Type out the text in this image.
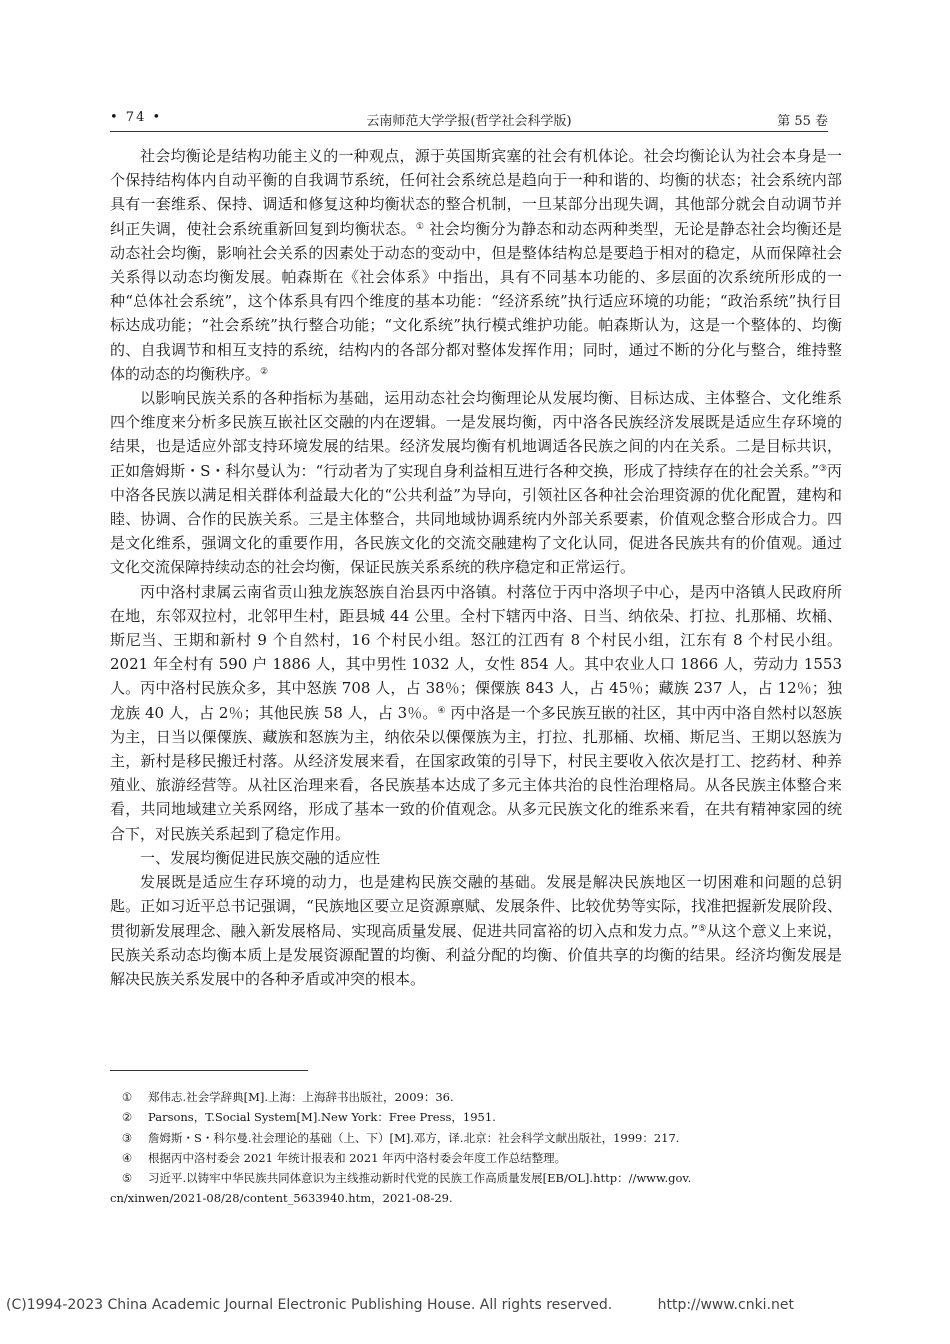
• 74 •	云南师范大学学报(哲学社会科学版)	第 55 卷

社会均衡论是结构功能主义的一种观点，源于英国斯宾塞的社会有机体论。社会均衡论认为社会本身是一个保持结构体内自动平衡的自我调节系统，任何社会系统总是趋向于一种和谐的、均衡的状态；社会系统内部具有一套维系、保持、调适和修复这种均衡状态的整合机制，一旦某部分出现失调，其他部分就会自动调节并纠正失调，使社会系统重新回复到均衡状态。① 社会均衡分为静态和动态两种类型，无论是静态社会均衡还是动态社会均衡，影响社会关系的因素处于动态的变动中，但是整体结构总是要趋于相对的稳定，从而保障社会关系得以动态均衡发展。帕森斯在《社会体系》中指出，具有不同基本功能的、多层面的次系统所形成的一种“总体社会系统”，这个体系具有四个维度的基本功能：“经济系统”执行适应环境的功能；“政治系统”执行目标达成功能；“社会系统”执行整合功能；“文化系统”执行模式维护功能。帕森斯认为，这是一个整体的、均衡的、自我调节和相互支持的系统，结构内的各部分都对整体发挥作用；同时，通过不断的分化与整合，维持整体的动态的均衡秩序。②

以影响民族关系的各种指标为基础，运用动态社会均衡理论从发展均衡、目标达成、主体整合、文化维系四个维度来分析多民族互嵌社区交融的内在逻辑。一是发展均衡，丙中洛各民族经济发展既是适应生存环境的结果，也是适应外部支持环境发展的结果。经济发展均衡有机地调适各民族之间的内在关系。二是目标共识，正如詹姆斯・S・科尔曼认为：“行动者为了实现自身利益相互进行各种交换，形成了持续存在的社会关系。”③丙中洛各民族以满足相关群体利益最大化的“公共利益”为导向，引领社区各种社会治理资源的优化配置，建构和睦、协调、合作的民族关系。三是主体整合，共同地域协调系统内外部关系要素，价值观念整合形成合力。四是文化维系，强调文化的重要作用，各民族文化的交流交融建构了文化认同，促进各民族共有的价值观。通过文化交流保障持续动态的社会均衡，保证民族关系系统的秩序稳定和正常运行。

丙中洛村隶属云南省贡山独龙族怒族自治县丙中洛镇。村落位于丙中洛坝子中心，是丙中洛镇人民政府所在地，东邻双拉村，北邻甲生村，距县城 44 公里。全村下辖丙中洛、日当、纳依朵、打拉、扎那桶、坎桶、斯尼当、王期和新村 9 个自然村，16 个村民小组。怒江的江西有 8 个村民小组，江东有 8 个村民小组。2021 年全村有 590 户 1886 人，其中男性 1032 人，女性 854 人。其中农业人口 1866 人，劳动力 1553 人。丙中洛村民族众多，其中怒族 708 人，占 38％；傈僳族 843 人，占 45％；藏族 237 人，占 12％；独龙族 40 人，占 2％；其他民族 58 人，占 3％。④ 丙中洛是一个多民族互嵌的社区，其中丙中洛自然村以怒族为主，日当以傈僳族、藏族和怒族为主，纳依朵以傈僳族为主，打拉、扎那桶、坎桶、斯尼当、王期以怒族为主，新村是移民搬迁村落。从经济发展来看，在国家政策的引导下，村民主要收入依次是打工、挖药材、种养殖业、旅游经营等。从社区治理来看，各民族基本达成了多元主体共治的良性治理格局。从各民族主体整合来看，共同地域建立关系网络，形成了基本一致的价值观念。从多元民族文化的维系来看，在共有精神家园的统合下，对民族关系起到了稳定作用。

一、发展均衡促进民族交融的适应性

发展既是适应生存环境的动力，也是建构民族交融的基础。发展是解决民族地区一切困难和问题的总钥匙。正如习近平总书记强调，“民族地区要立足资源禀赋、发展条件、比较优势等实际，找准把握新发展阶段、贯彻新发展理念、融入新发展格局、实现高质量发展、促进共同富裕的切入点和发力点。”⑤从这个意义上来说，民族关系动态均衡本质上是发展资源配置的均衡、利益分配的均衡、价值共享的均衡的结果。经济均衡发展是解决民族关系发展中的各种矛盾或冲突的根本。

① 郑伟志.社会学辞典[M].上海：上海辞书出版社，2009：36.

② Parsons，T.Social System[M].New York：Free Press，1951.

③ 詹姆斯・S・科尔曼.社会理论的基础（上、下）[M].邓方，译.北京：社会科学文献出版社，1999：217.

④ 根据丙中洛村委会 2021 年统计报表和 2021 年丙中洛村委会年度工作总结整理。

⑤ 习近平.以铸牢中华民族共同体意识为主线推动新时代党的民族工作高质量发展[EB/OL].http：//www.gov.

cn/xinwen/2021-08/28/content_5633940.htm，2021-08-29.

(C)1994-2023 China Academic Journal Electronic Publishing House. All rights reserved.	http://www.cnki.net
